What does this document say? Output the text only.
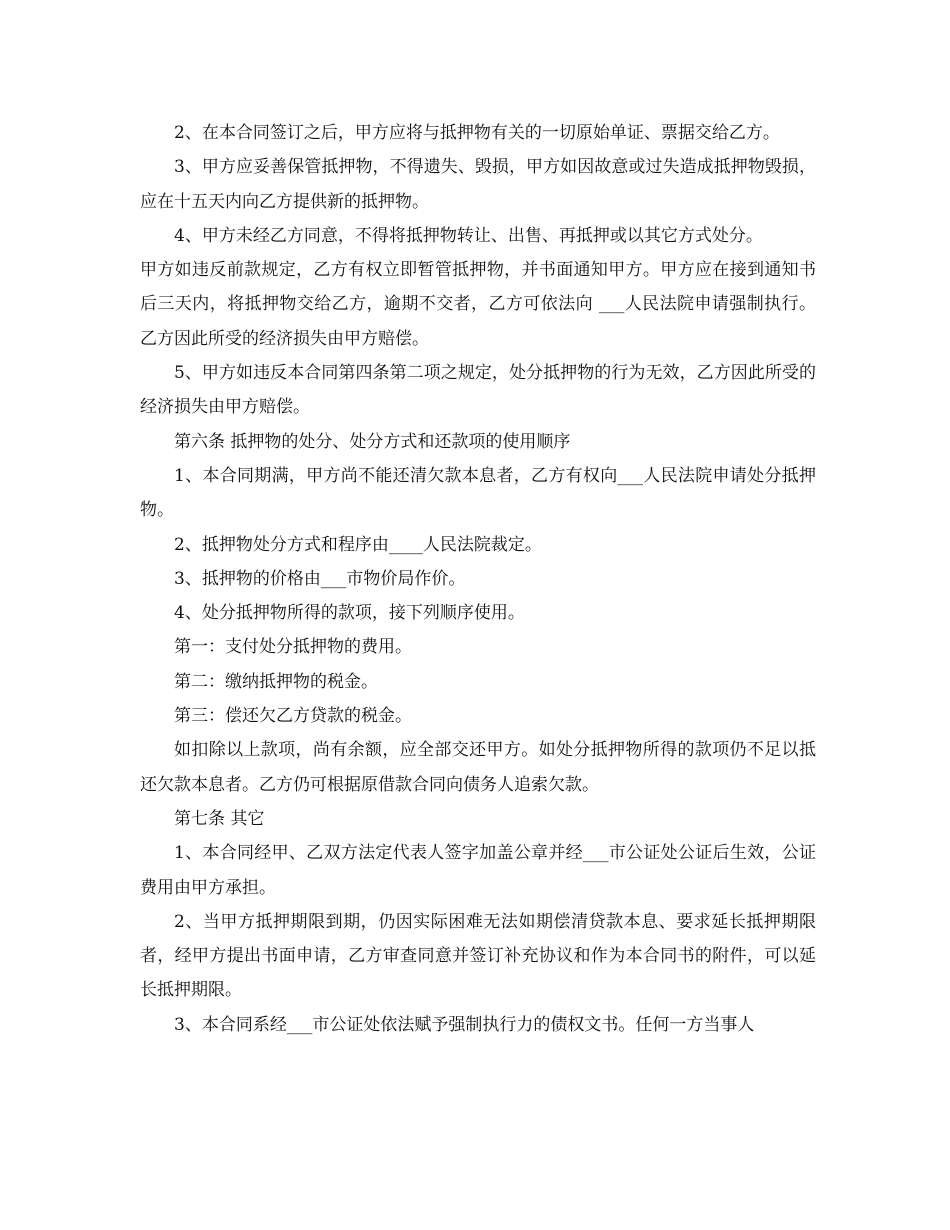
2、在本合同签订之后，甲方应将与抵押物有关的一切原始单证、票据交给乙方。

3、甲方应妥善保管抵押物，不得遗失、毁损，甲方如因故意或过失造成抵押物毁损，应在十五天内向乙方提供新的抵押物。

4、甲方未经乙方同意，不得将抵押物转让、出售、再抵押或以其它方式处分。

甲方如违反前款规定，乙方有权立即暂管抵押物，并书面通知甲方。甲方应在接到通知书后三天内，将抵押物交给乙方，逾期不交者，乙方可依法向 ___人民法院申请强制执行。乙方因此所受的经济损失由甲方赔偿。

5、甲方如违反本合同第四条第二项之规定，处分抵押物的行为无效，乙方因此所受的经济损失由甲方赔偿。

第六条 抵押物的处分、处分方式和还款项的使用顺序

1、本合同期满，甲方尚不能还清欠款本息者，乙方有权向___人民法院申请处分抵押物。

2、抵押物处分方式和程序由____人民法院裁定。

3、抵押物的价格由___市物价局作价。

4、处分抵押物所得的款项，接下列顺序使用。

第一：支付处分抵押物的费用。

第二：缴纳抵押物的税金。

第三：偿还欠乙方贷款的税金。

如扣除以上款项，尚有余额，应全部交还甲方。如处分抵押物所得的款项仍不足以抵还欠款本息者。乙方仍可根据原借款合同向债务人追索欠款。

第七条 其它

1、本合同经甲、乙双方法定代表人签字加盖公章并经___市公证处公证后生效，公证费用由甲方承担。

2、当甲方抵押期限到期，仍因实际困难无法如期偿清贷款本息、要求延长抵押期限者，经甲方提出书面申请，乙方审查同意并签订补充协议和作为本合同书的附件，可以延长抵押期限。

3、本合同系经___市公证处依法赋予强制执行力的债权文书。任何一方当事人
